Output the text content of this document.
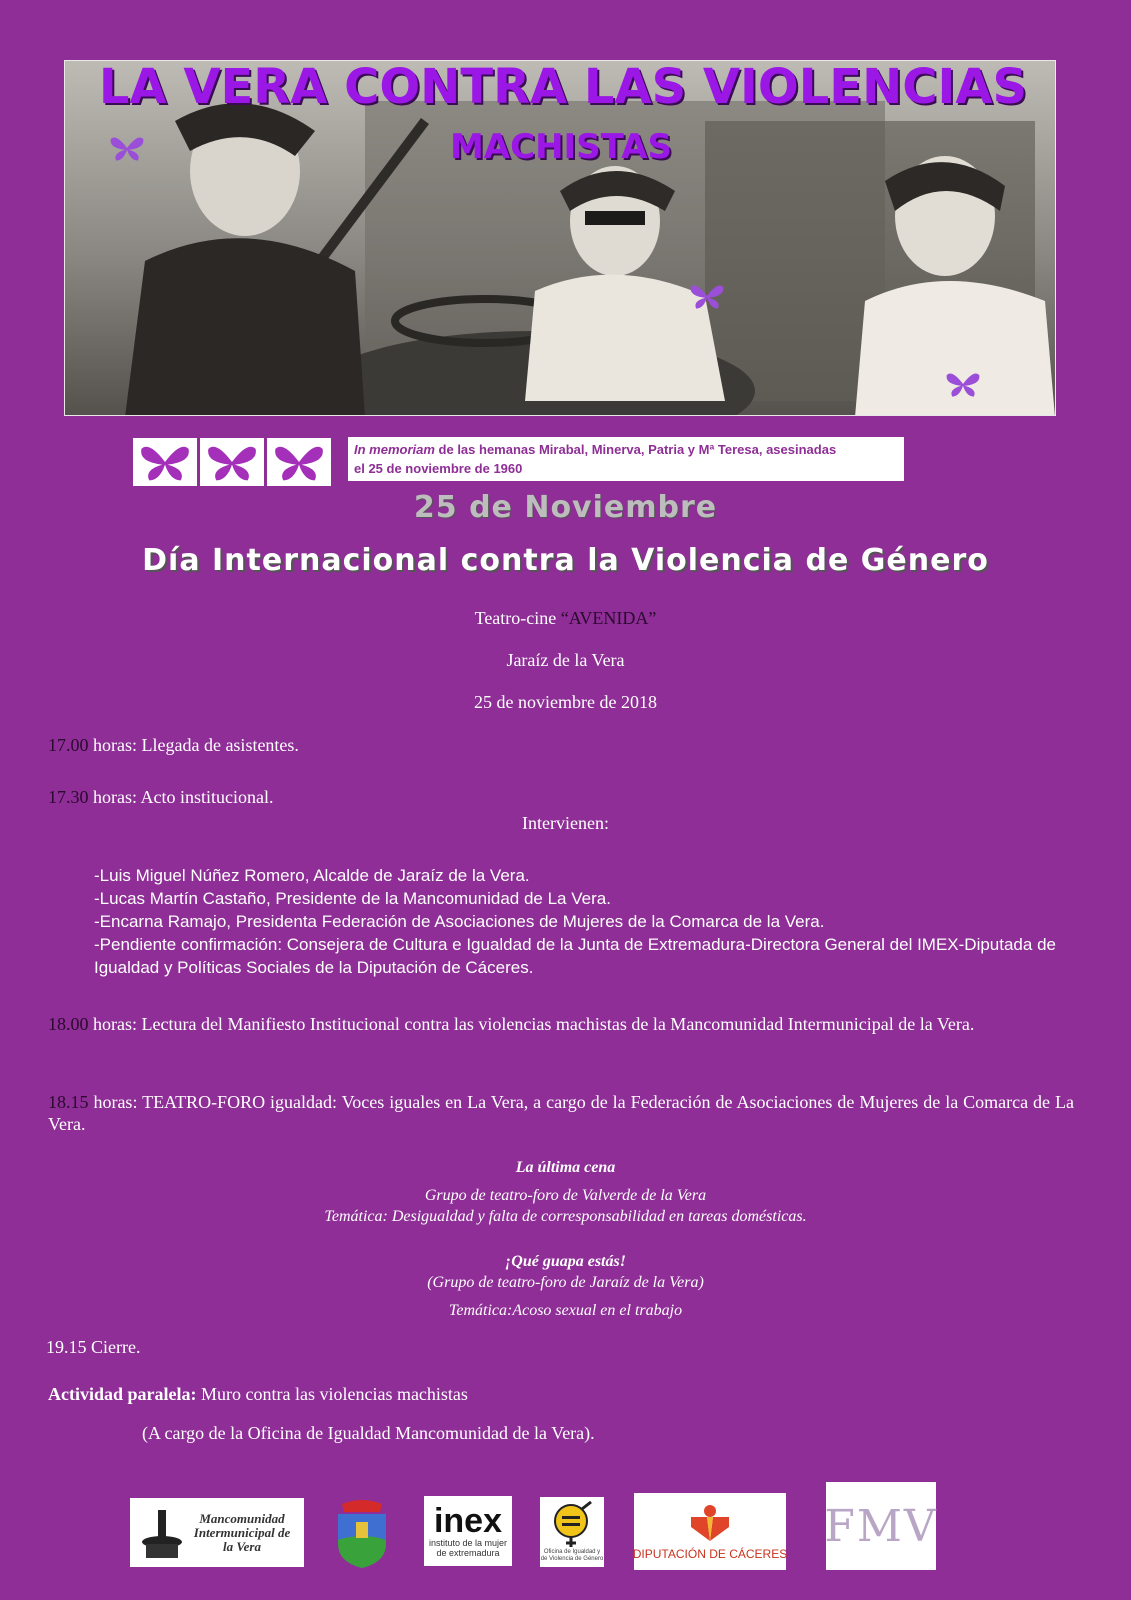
LA VERA CONTRA LAS VIOLENCIAS
MACHISTAS
In memoriam de las hemanas Mirabal, Minerva, Patria y Mª Teresa, asesinadas
el 25 de noviembre de 1960
25 de Noviembre
Día Internacional contra la Violencia de Género
Teatro-cine “AVENIDA”
Jaraíz de la Vera
25 de noviembre de 2018
17.00 horas: Llegada de asistentes.
17.30 horas: Acto institucional.
Intervienen:
-Luis Miguel Núñez Romero, Alcalde de Jaraíz de la Vera.
-Lucas Martín Castaño, Presidente de la Mancomunidad de La Vera.
-Encarna Ramajo, Presidenta Federación de Asociaciones de Mujeres de la Comarca de la Vera.
-Pendiente confirmación: Consejera de Cultura e Igualdad de la Junta de Extremadura-Directora General del IMEX-Diputada de Igualdad y Políticas Sociales de la Diputación de Cáceres.
18.00 horas: Lectura del Manifiesto Institucional contra las violencias machistas de la Mancomunidad Intermunicipal de la Vera.
18.15 horas: TEATRO-FORO igualdad: Voces iguales en La Vera, a cargo de la Federación de Asociaciones de Mujeres de la Comarca de La Vera.
La última cena
Grupo de teatro-foro de Valverde de la Vera
Temática: Desigualdad y falta de corresponsabilidad en tareas domésticas.
¡Qué guapa estás!
(Grupo de teatro-foro de Jaraíz de la Vera)
Temática:Acoso sexual en el trabajo
19.15 Cierre.
Actividad paralela: Muro contra las violencias machistas
(A cargo de la Oficina de Igualdad Mancomunidad de la Vera).
Mancomunidad Intermunicipal de la Vera
inex
instituto de la mujer
de extremadura	Oficina de Igualdad y de Violencia de Género DIPUTACIÓN DE CÁCERES
FMV
